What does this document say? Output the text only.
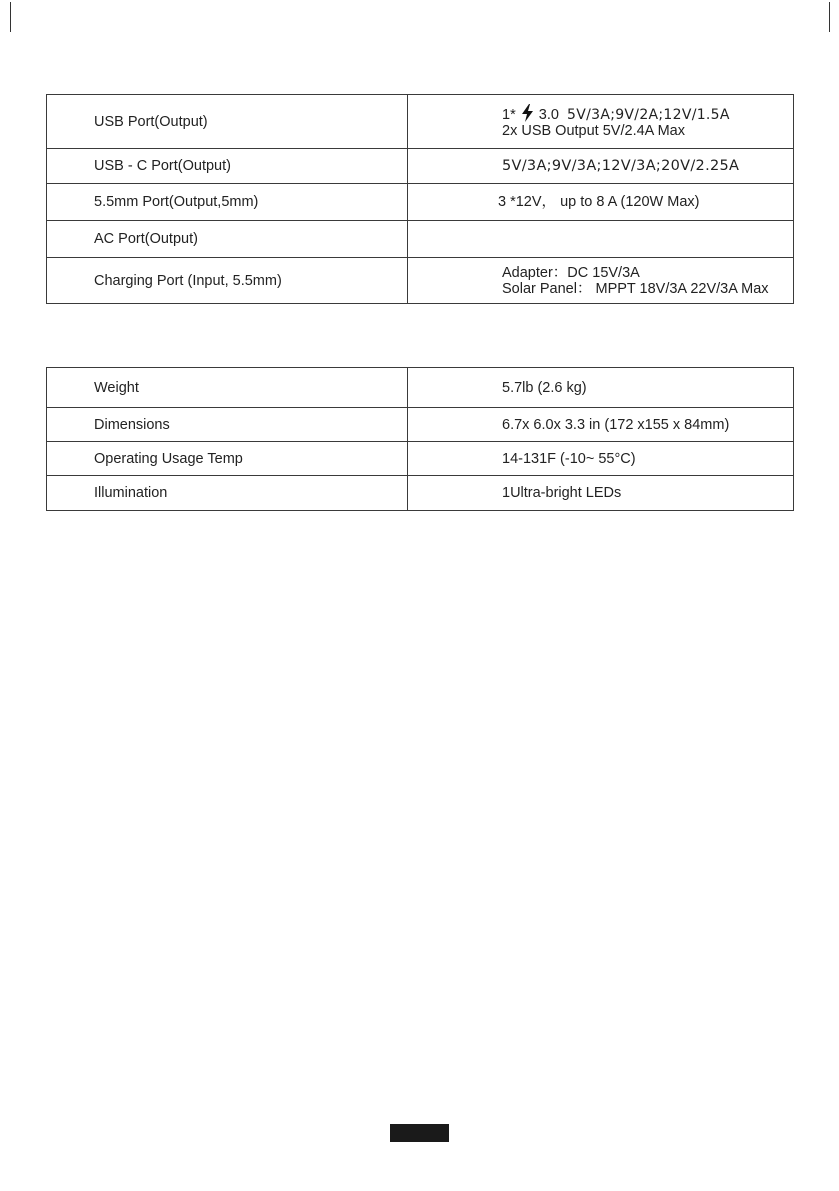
USB Port(Output)	1* 3.0 5V/3A;9V/2A;12V/1.5A
2x USB Output 5V/2.4A Max

USB - C Port(Output)	5V/3A;9V/3A;12V/3A;20V/2.25A
5.5mm Port(Output,5mm)	3 *12V， up to 8 A (120W Max)
AC Port(Output)	
Charging Port (Input, 5.5mm)	Adapter：DC 15V/3A
Solar Panel： MPPT 18V/3A 22V/3A Max
Weight	5.7lb (2.6 kg)
Dimensions	6.7x 6.0x 3.3 in (172 x155 x 84mm)
Operating Usage Temp	14-131F (-10~ 55°C)
Illumination	1Ultra-bright LEDs
